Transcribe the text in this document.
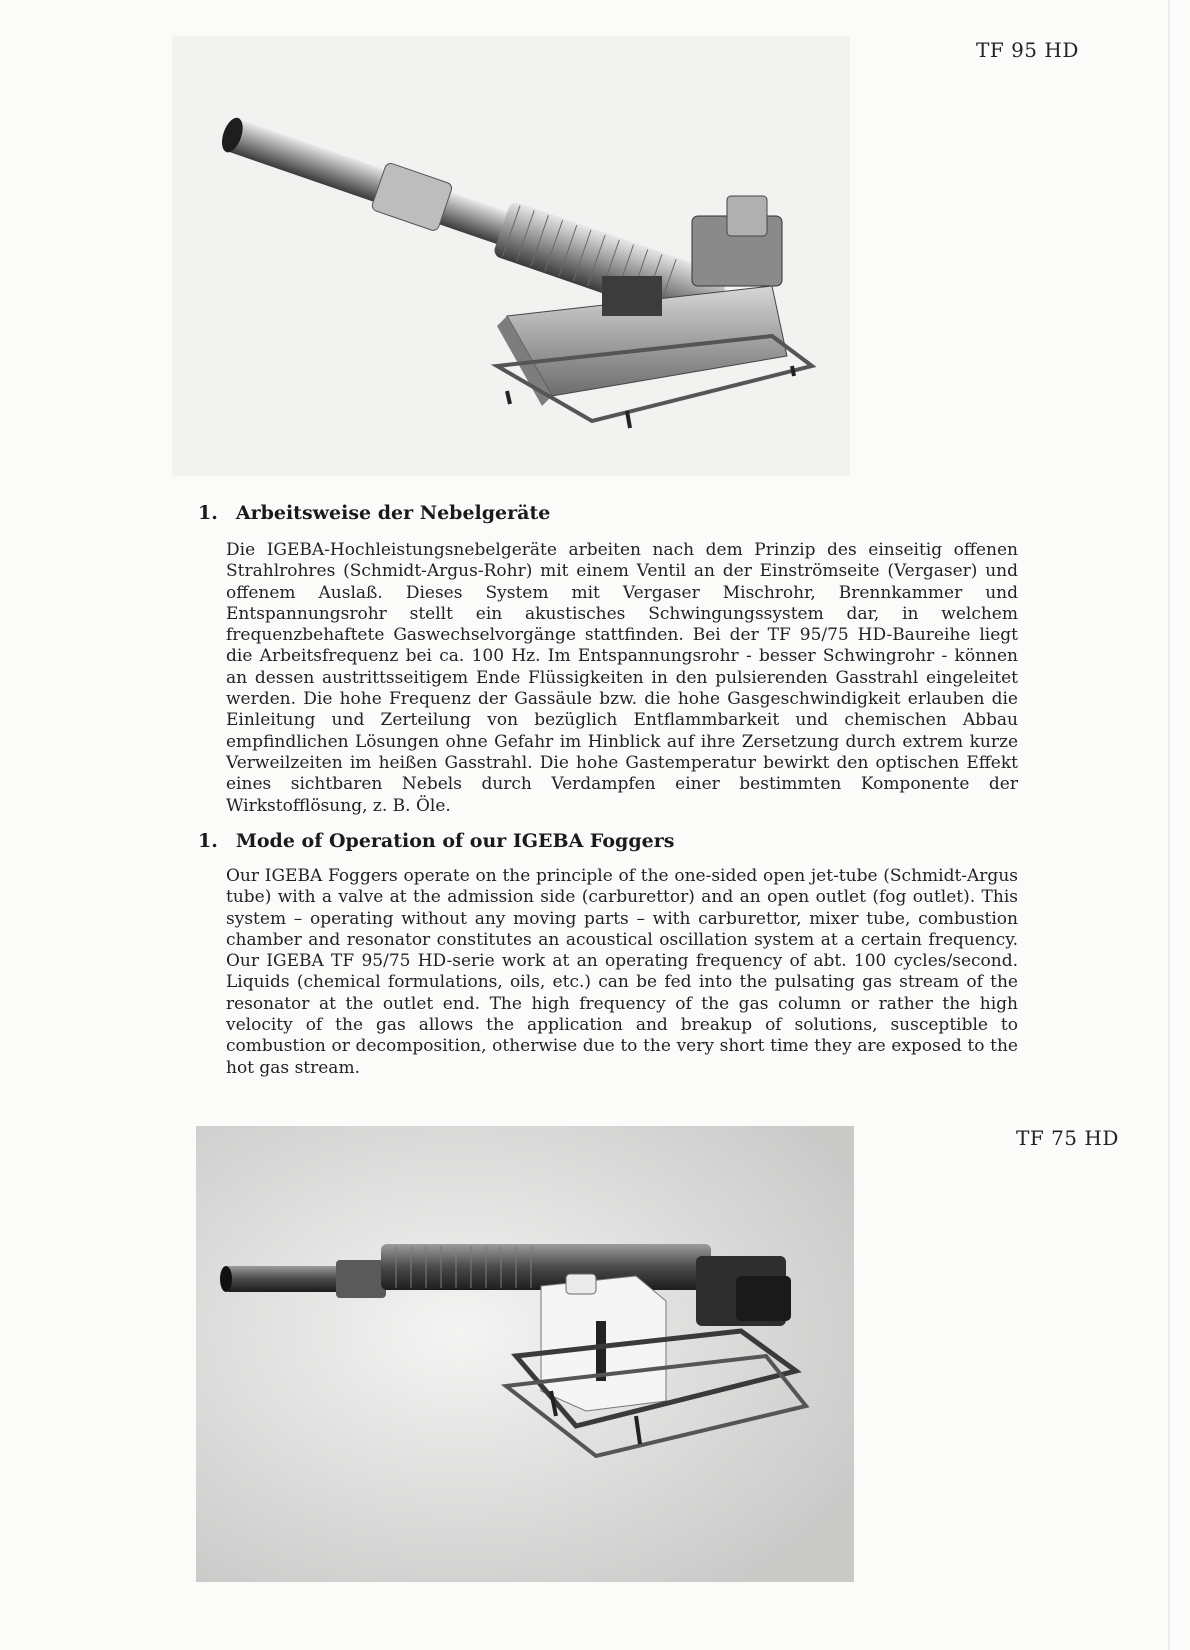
TF 95 HD
1. Arbeitsweise der Nebelgeräte

Die IGEBA-Hochleistungsnebelgeräte arbeiten nach dem Prinzip des einseitig offenen Strahlrohres (Schmidt-Argus-Rohr) mit einem Ventil an der Einströmseite (Vergaser) und offenem Auslaß. Dieses System mit Vergaser Mischrohr, Brennkammer und Entspannungsrohr stellt ein akustisches Schwingungssystem dar, in welchem frequenzbehaftete Gaswechselvorgänge stattfinden. Bei der TF 95/75 HD-Baureihe liegt die Arbeitsfrequenz bei ca. 100 Hz. Im Entspannungsrohr - besser Schwingrohr - können an dessen austrittsseitigem Ende Flüssigkeiten in den pulsierenden Gasstrahl eingeleitet werden. Die hohe Frequenz der Gassäule bzw. die hohe Gasgeschwindigkeit erlauben die Einleitung und Zerteilung von bezüglich Entflammbarkeit und chemischen Abbau empfindlichen Lösungen ohne Gefahr im Hinblick auf ihre Zersetzung durch extrem kurze Verweilzeiten im heißen Gasstrahl. Die hohe Gastemperatur bewirkt den optischen Effekt eines sichtbaren Nebels durch Verdampfen einer bestimmten Komponente der Wirkstofflösung, z. B. Öle.

1. Mode of Operation of our IGEBA Foggers

Our IGEBA Foggers operate on the principle of the one-sided open jet-tube (Schmidt-Argus tube) with a valve at the admission side (carburettor) and an open outlet (fog outlet). This system – operating without any moving parts – with carburettor, mixer tube, combustion chamber and resonator constitutes an acoustical oscillation system at a certain frequency. Our IGEBA TF 95/75 HD-serie work at an operating frequency of abt. 100 cycles/second. Liquids (chemical formulations, oils, etc.) can be fed into the pulsating gas stream of the resonator at the outlet end. The high frequency of the gas column or rather the high velocity of the gas allows the application and breakup of solutions, susceptible to combustion or decomposition, otherwise due to the very short time they are exposed to the hot gas stream.

TF 75 HD
